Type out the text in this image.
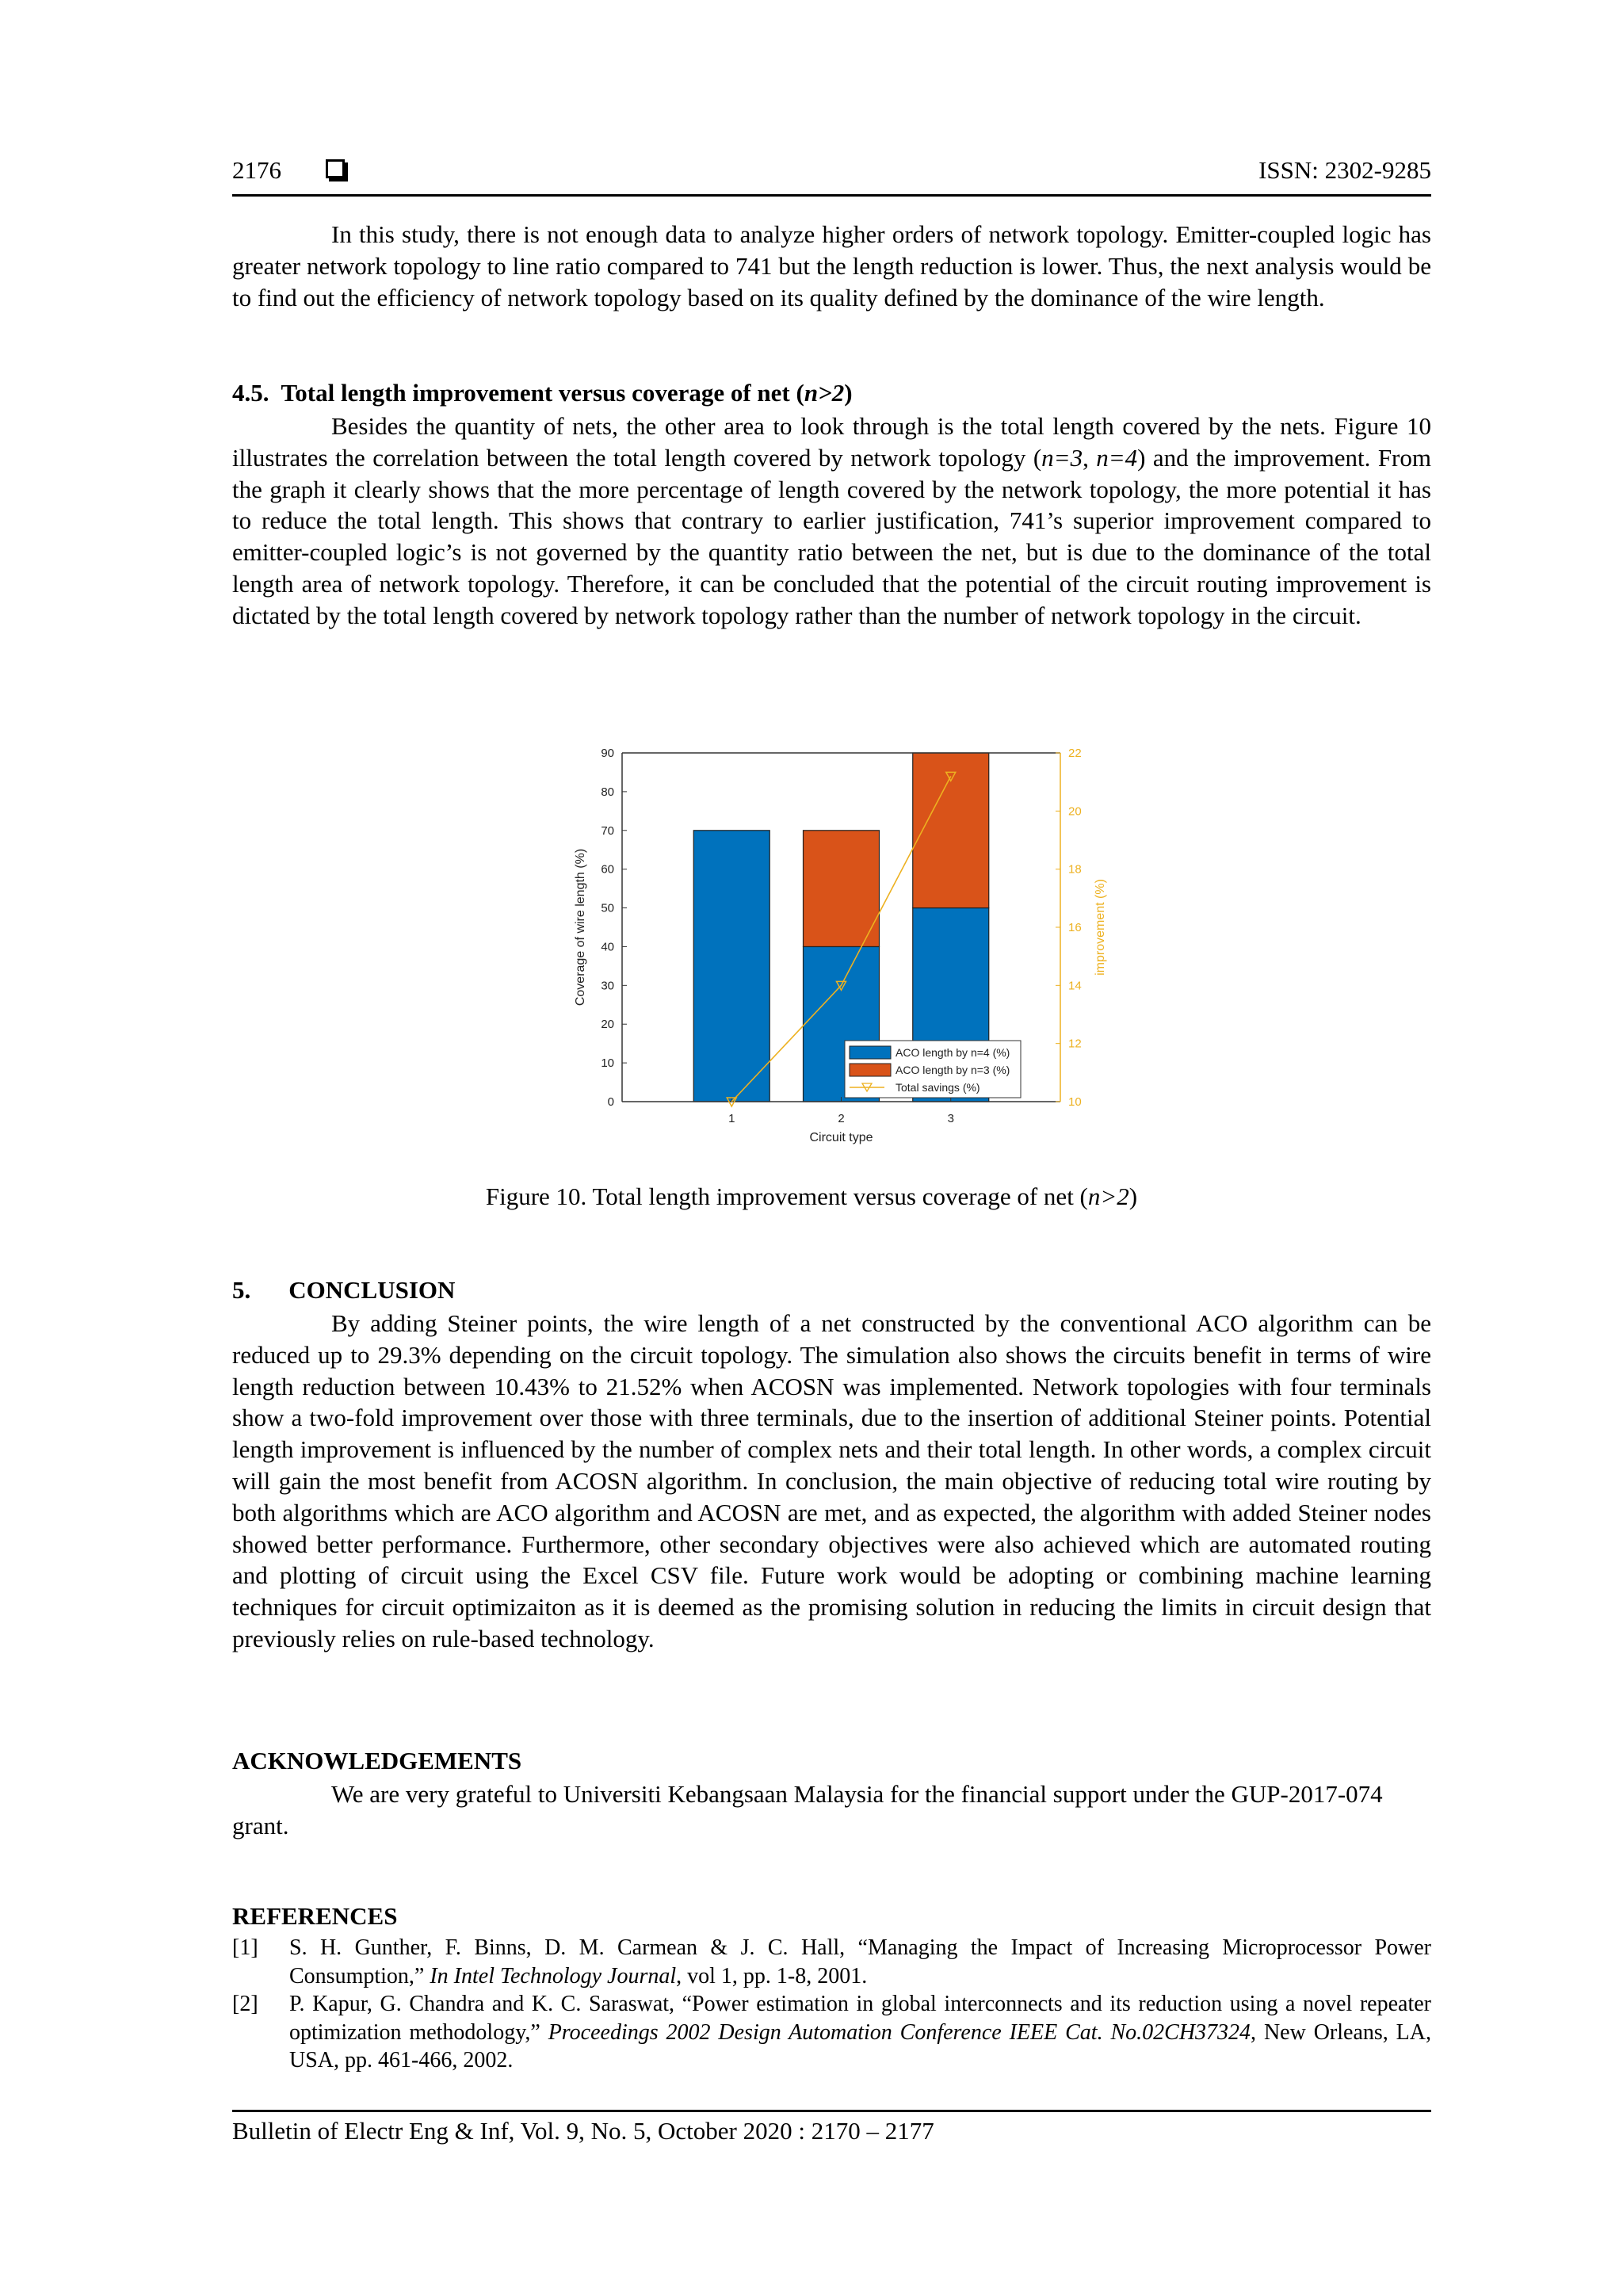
2176	ISSN: 2302-9285

In this study, there is not enough data to analyze higher orders of network topology. Emitter-coupled logic has greater network topology to line ratio compared to 741 but the length reduction is lower. Thus, the next analysis would be to find out the efficiency of network topology based on its quality defined by the dominance of the wire length.

4.5. Total length improvement versus coverage of net (n>2)

Besides the quantity of nets, the other area to look through is the total length covered by the nets. Figure 10 illustrates the correlation between the total length covered by network topology (n=3, n=4) and the improvement. From the graph it clearly shows that the more percentage of length covered by the network topology, the more potential it has to reduce the total length. This shows that contrary to earlier justification, 741’s superior improvement compared to emitter-coupled logic’s is not governed by the quantity ratio between the net, but is due to the dominance of the total length area of network topology. Therefore, it can be concluded that the potential of the circuit routing improvement is dictated by the total length covered by network topology rather than the number of network topology in the circuit.

0
10
20
30
40
50
60
70
80
90
10
12
14
16
18
20
22
1	2	3
Circuit type
Coverage of wire length (%)	improvement (%)
ACO length by n=4 (%)
ACO length by n=3 (%)
Total savings (%)
Figure 10. Total length improvement versus coverage of net (n>2)
5. CONCLUSION

By adding Steiner points, the wire length of a net constructed by the conventional ACO algorithm can be reduced up to 29.3% depending on the circuit topology. The simulation also shows the circuits benefit in terms of wire length reduction between 10.43% to 21.52% when ACOSN was implemented. Network topologies with four terminals show a two-fold improvement over those with three terminals, due to the insertion of additional Steiner points. Potential length improvement is influenced by the number of complex nets and their total length. In other words, a complex circuit will gain the most benefit from ACOSN algorithm. In conclusion, the main objective of reducing total wire routing by both algorithms which are ACO algorithm and ACOSN are met, and as expected, the algorithm with added Steiner nodes showed better performance. Furthermore, other secondary objectives were also achieved which are automated routing and plotting of circuit using the Excel CSV file. Future work would be adopting or combining machine learning techniques for circuit optimizaiton as it is deemed as the promising solution in reducing the limits in circuit design that previously relies on rule-based technology.

ACKNOWLEDGEMENTS

We are very grateful to Universiti Kebangsaan Malaysia for the financial support under the GUP-2017-074 grant.

REFERENCES
[1] S. H. Gunther, F. Binns, D. M. Carmean & J. C. Hall, “Managing the Impact of Increasing Microprocessor Power Consumption,” In Intel Technology Journal, vol 1, pp. 1-8, 2001.
[2] P. Kapur, G. Chandra and K. C. Saraswat, “Power estimation in global interconnects and its reduction using a novel repeater optimization methodology,” Proceedings 2002 Design Automation Conference IEEE Cat. No.02CH37324, New Orleans, LA, USA, pp. 461-466, 2002.
Bulletin of Electr Eng & Inf, Vol. 9, No. 5, October 2020 : 2170 – 2177
